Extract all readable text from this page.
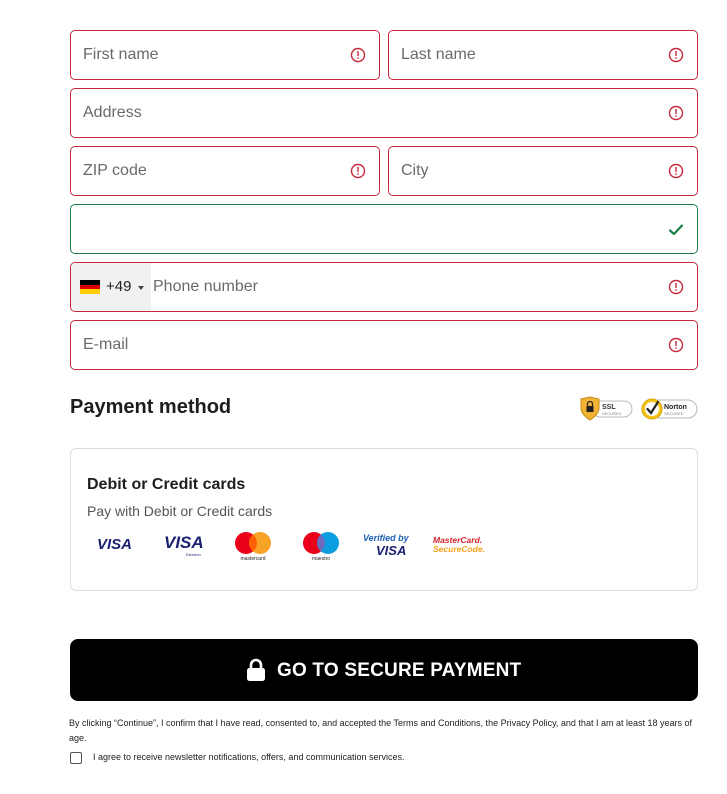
First name	Last name
Address
ZIP code	City
+49 Phone number
E-mail
Payment method	SSL
SECURED
Norton
SECURED
Debit or Credit cards
Pay with Debit or Credit cards
VISA VISA
Electron
mastercard	maestro
Verified by
VISA
MasterCard.
SecureCode.
GO TO SECURE PAYMENT
By clicking “Continue”, I confirm that I have read, consented to, and accepted the Terms and Conditions, the Privacy Policy, and that I am at least 18 years of age.
I agree to receive newsletter notifications, offers, and communication services.
